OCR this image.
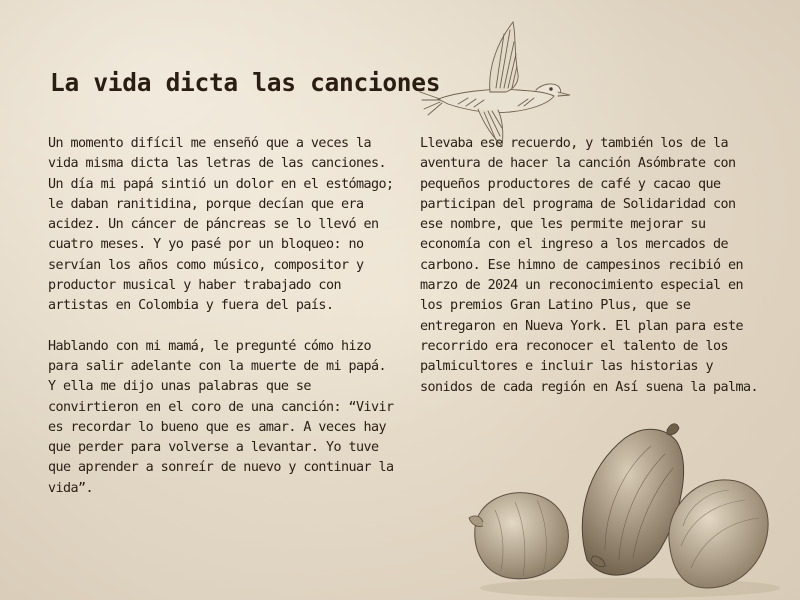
La vida dicta las canciones

Un momento difícil me enseñó que a veces la vida misma dicta las letras de las canciones. Un día mi papá sintió un dolor en el estómago; le daban ranitidina, porque decían que era acidez. Un cáncer de páncreas se lo llevó en cuatro meses. Y yo pasé por un bloqueo: no servían los años como músico, compositor y productor musical y haber trabajado con artistas en Colombia y fuera del país.

Hablando con mi mamá, le pregunté cómo hizo para salir adelante con la muerte de mi papá. Y ella me dijo unas palabras que se convirtieron en el coro de una canción: “Vivir es recordar lo bueno que es amar. A veces hay que perder para volverse a levantar. Yo tuve que aprender a sonreír de nuevo y continuar la vida”.

Llevaba ese recuerdo, y también los de la aventura de hacer la canción Asómbrate con pequeños productores de café y cacao que participan del programa de Solidaridad con ese nombre, que les permite mejorar su economía con el ingreso a los mercados de carbono. Ese himno de campesinos recibió en marzo de 2024 un reconocimiento especial en los premios Gran Latino Plus, que se entregaron en Nueva York. El plan para este recorrido era reconocer el talento de los palmicultores e incluir las historias y sonidos de cada región en Así suena la palma.
